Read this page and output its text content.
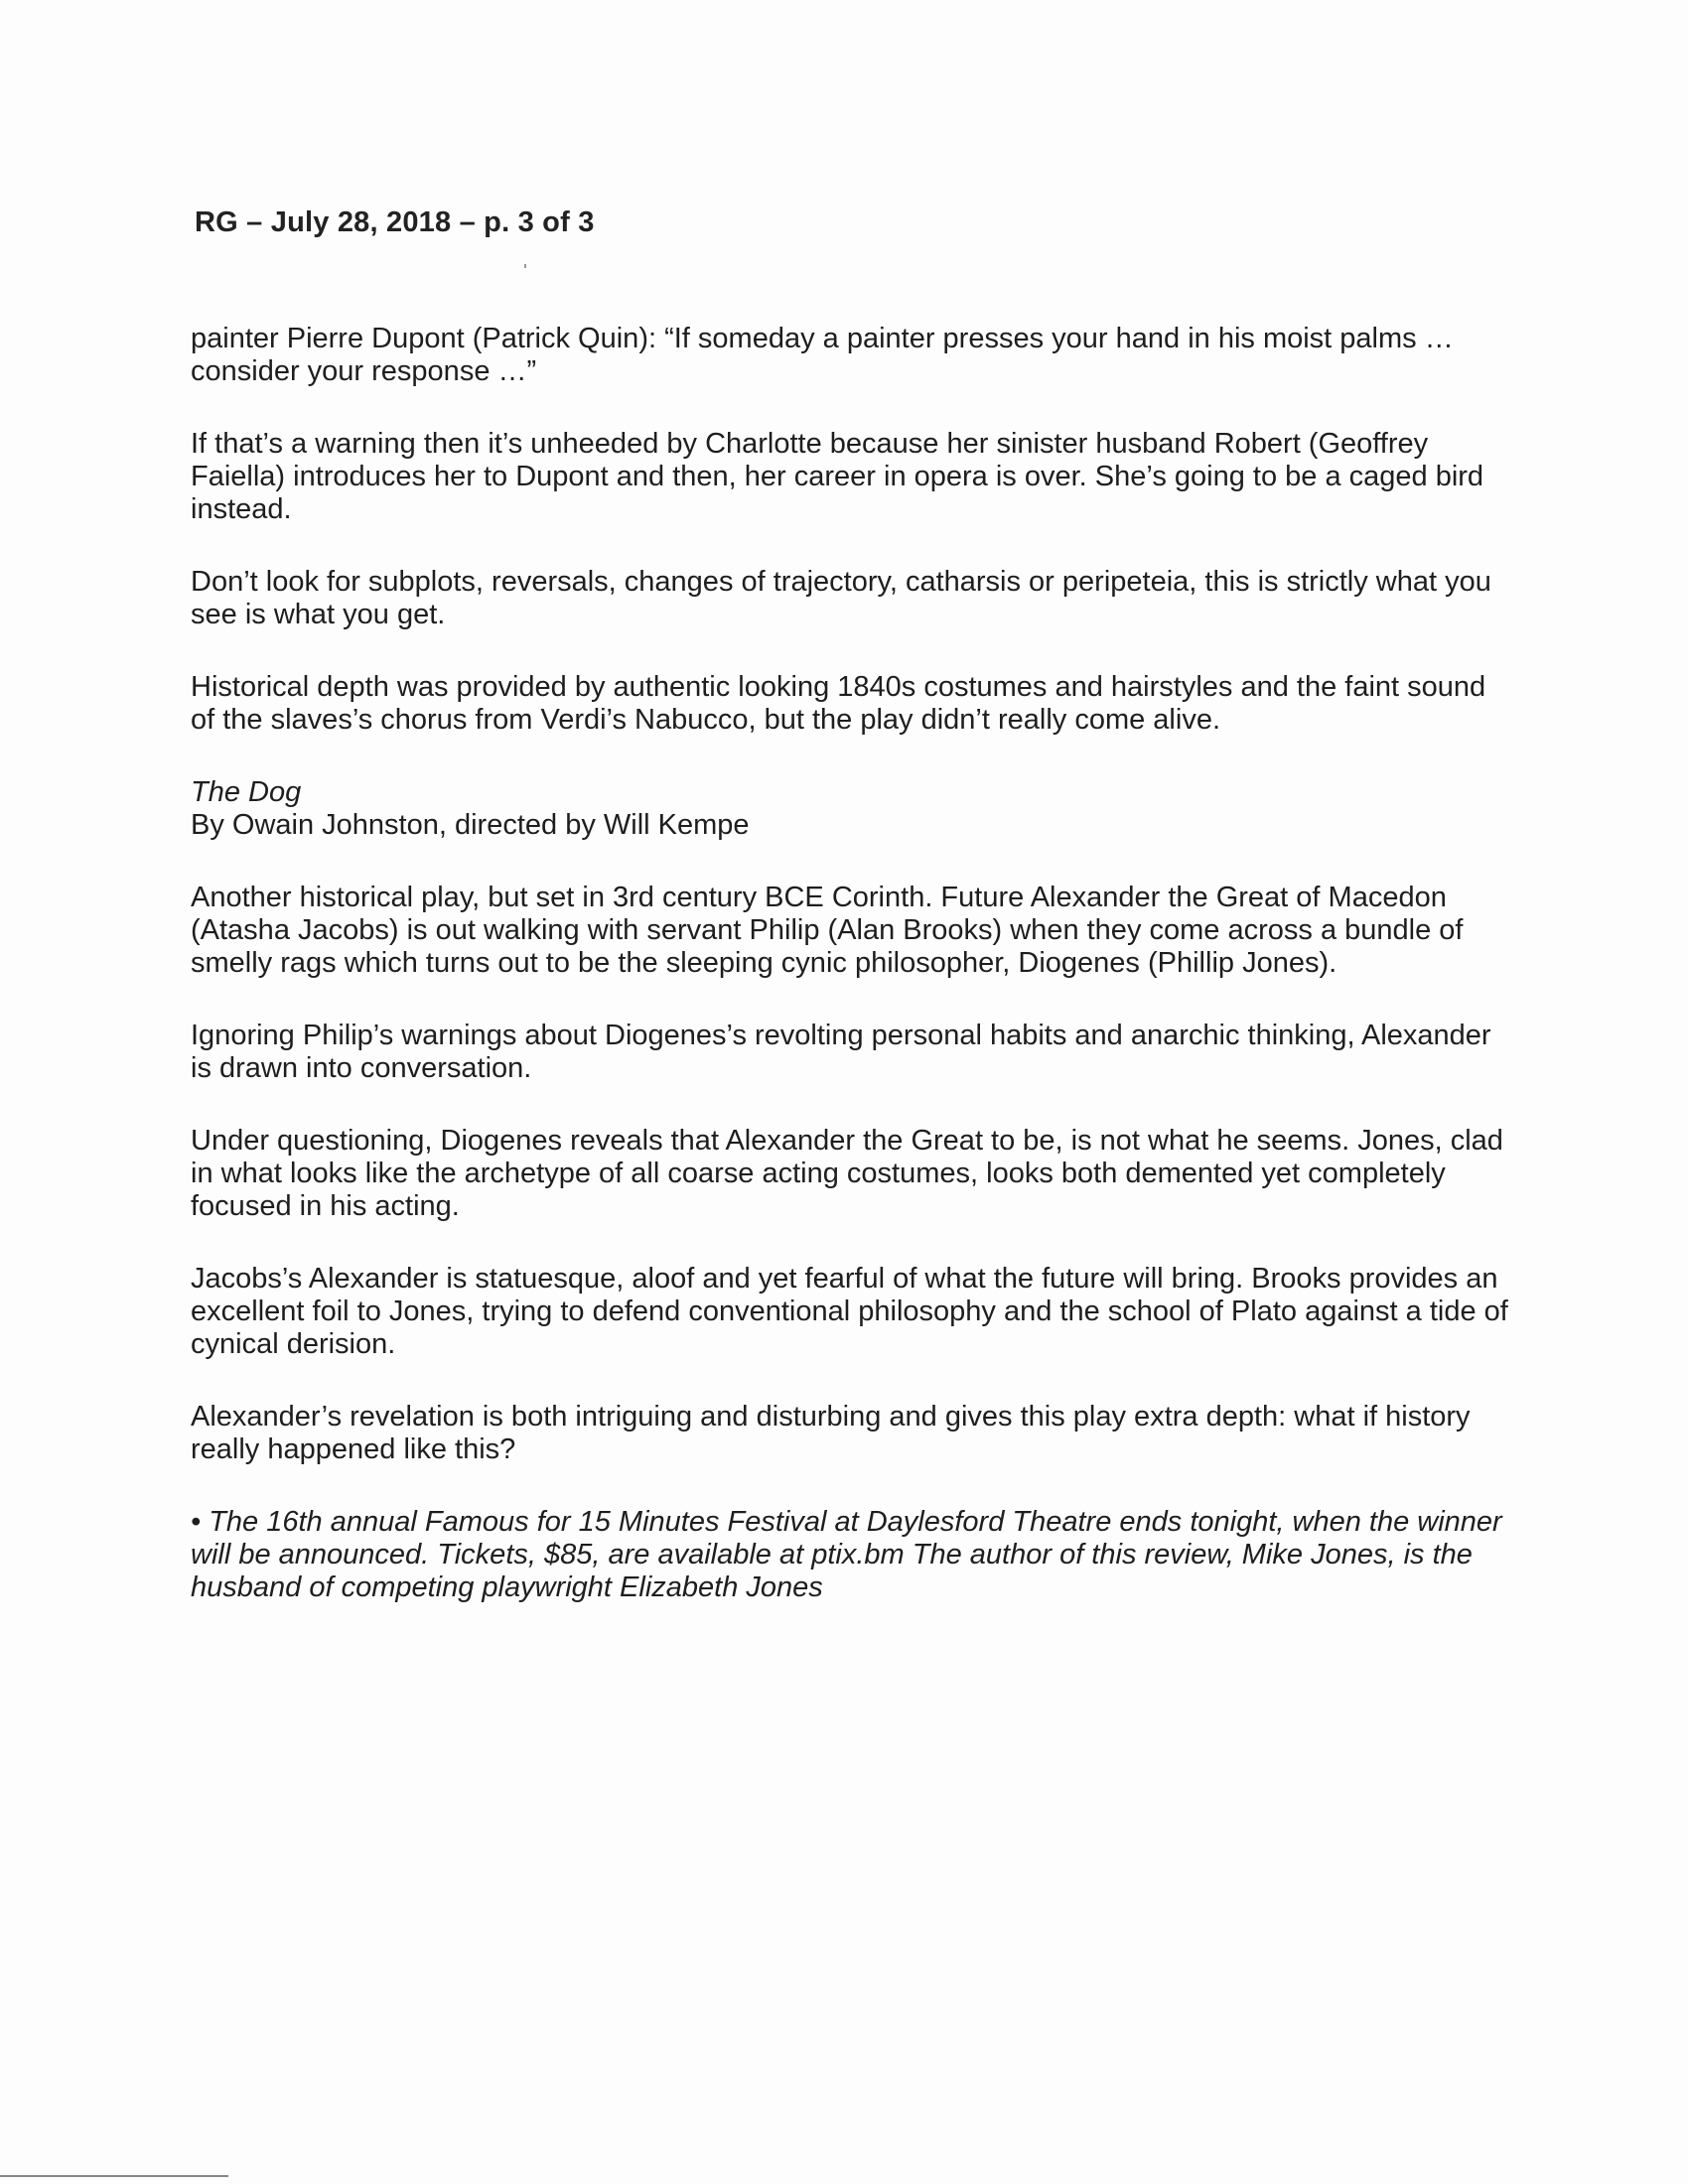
RG – July 28, 2018 – p. 3 of 3

painter Pierre Dupont (Patrick Quin): “If someday a painter presses your hand in his moist palms … consider your response …”

If that’s a warning then it’s unheeded by Charlotte because her sinister husband Robert (Geoffrey Faiella) introduces her to Dupont and then, her career in opera is over. She’s going to be a caged bird instead.

Don’t look for subplots, reversals, changes of trajectory, catharsis or peripeteia, this is strictly what you see is what you get.

Historical depth was provided by authentic looking 1840s costumes and hairstyles and the faint sound of the slaves’s chorus from Verdi’s Nabucco, but the play didn’t really come alive.

The Dog

By Owain Johnston, directed by Will Kempe

Another historical play, but set in 3rd century BCE Corinth. Future Alexander the Great of Macedon (Atasha Jacobs) is out walking with servant Philip (Alan Brooks) when they come across a bundle of smelly rags which turns out to be the sleeping cynic philosopher, Diogenes (Phillip Jones).

Ignoring Philip’s warnings about Diogenes’s revolting personal habits and anarchic thinking, Alexander is drawn into conversation.

Under questioning, Diogenes reveals that Alexander the Great to be, is not what he seems. Jones, clad in what looks like the archetype of all coarse acting costumes, looks both demented yet completely focused in his acting.

Jacobs’s Alexander is statuesque, aloof and yet fearful of what the future will bring. Brooks provides an excellent foil to Jones, trying to defend conventional philosophy and the school of Plato against a tide of cynical derision.

Alexander’s revelation is both intriguing and disturbing and gives this play extra depth: what if history really happened like this?

• The 16th annual Famous for 15 Minutes Festival at Daylesford Theatre ends tonight, when the winner will be announced. Tickets, $85, are available at ptix.bm The author of this review, Mike Jones, is the husband of competing playwright Elizabeth Jones
